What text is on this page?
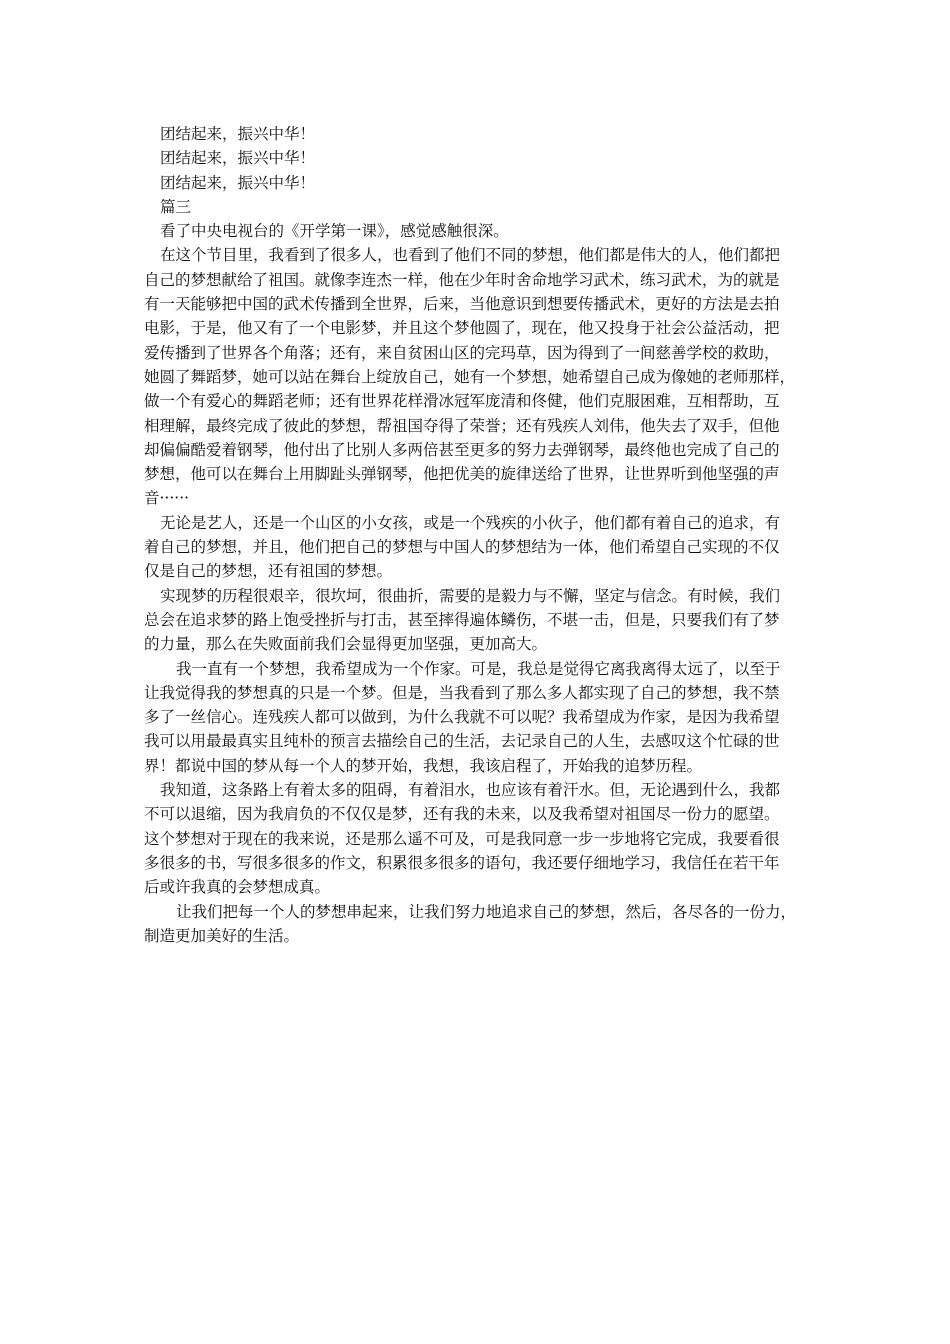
团结起来，振兴中华！
团结起来，振兴中华！
团结起来，振兴中华！
篇三
看了中央电视台的《开学第一课》，感觉感触很深。
在这个节目里，我看到了很多人，也看到了他们不同的梦想，他们都是伟大的人，他们都把
自己的梦想献给了祖国。就像李连杰一样，他在少年时舍命地学习武术，练习武术，为的就是
有一天能够把中国的武术传播到全世界，后来，当他意识到想要传播武术，更好的方法是去拍
电影，于是，他又有了一个电影梦，并且这个梦他圆了，现在，他又投身于社会公益活动，把
爱传播到了世界各个角落；还有，来自贫困山区的完玛草，因为得到了一间慈善学校的救助，
她圆了舞蹈梦，她可以站在舞台上绽放自己，她有一个梦想，她希望自己成为像她的老师那样，
做一个有爱心的舞蹈老师；还有世界花样滑冰冠军庞清和佟健，他们克服困难，互相帮助，互
相理解，最终完成了彼此的梦想，帮祖国夺得了荣誉；还有残疾人刘伟，他失去了双手，但他
却偏偏酷爱着钢琴，他付出了比别人多两倍甚至更多的努力去弹钢琴，最终他也完成了自己的
梦想，他可以在舞台上用脚趾头弹钢琴，他把优美的旋律送给了世界，让世界听到他坚强的声
音······
无论是艺人，还是一个山区的小女孩，或是一个残疾的小伙子，他们都有着自己的追求，有
着自己的梦想，并且，他们把自己的梦想与中国人的梦想结为一体，他们希望自己实现的不仅
仅是自己的梦想，还有祖国的梦想。
实现梦的历程很艰辛，很坎坷，很曲折，需要的是毅力与不懈，坚定与信念。有时候，我们
总会在追求梦的路上饱受挫折与打击，甚至摔得遍体鳞伤，不堪一击，但是，只要我们有了梦
的力量，那么在失败面前我们会显得更加坚强，更加高大。
我一直有一个梦想，我希望成为一个作家。可是，我总是觉得它离我离得太远了，以至于
让我觉得我的梦想真的只是一个梦。但是，当我看到了那么多人都实现了自己的梦想，我不禁
多了一丝信心。连残疾人都可以做到，为什么我就不可以呢？我希望成为作家，是因为我希望
我可以用最最真实且纯朴的预言去描绘自己的生活，去记录自己的人生，去感叹这个忙碌的世
界！都说中国的梦从每一个人的梦开始，我想，我该启程了，开始我的追梦历程。
我知道，这条路上有着太多的阻碍，有着泪水，也应该有着汗水。但，无论遇到什么，我都
不可以退缩，因为我肩负的不仅仅是梦，还有我的未来，以及我希望对祖国尽一份力的愿望。
这个梦想对于现在的我来说，还是那么遥不可及，可是我同意一步一步地将它完成，我要看很
多很多的书，写很多很多的作文，积累很多很多的语句，我还要仔细地学习，我信任在若干年
后或许我真的会梦想成真。
让我们把每一个人的梦想串起来，让我们努力地追求自己的梦想，然后，各尽各的一份力，
制造更加美好的生活。
